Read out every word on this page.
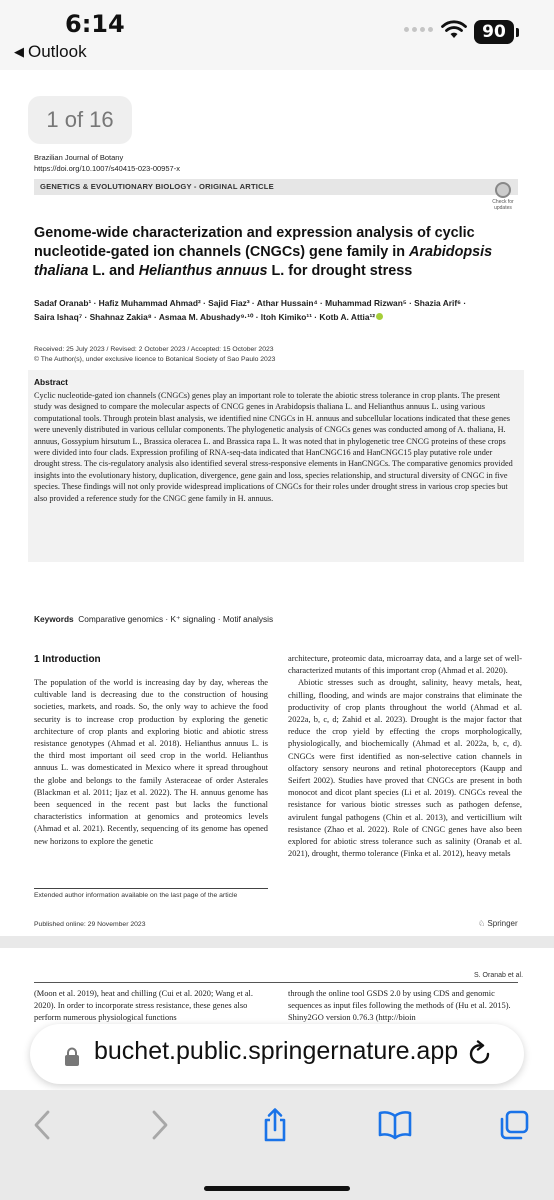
6:14
◀ Outlook
90
1 of 16
Brazilian Journal of Botany
https://doi.org/10.1007/s40415-023-00957-x
GENETICS & EVOLUTIONARY BIOLOGY - ORIGINAL ARTICLE
Check for updates
Genome-wide characterization and expression analysis of cyclic nucleotide-gated ion channels (CNGCs) gene family in Arabidopsis thaliana L. and Helianthus annuus L. for drought stress
Sadaf Oranab¹ · Hafiz Muhammad Ahmad² · Sajid Fiaz³ · Athar Hussain⁴ · Muhammad Rizwan⁵ · Shazia Arif⁶ ·
Saira Ishaq⁷ · Shahnaz Zakia⁸ · Asmaa M. Abushady⁹·¹⁰ · Itoh Kimiko¹¹ · Kotb A. Attia¹²
Received: 25 July 2023 / Revised: 2 October 2023 / Accepted: 15 October 2023
© The Author(s), under exclusive licence to Botanical Society of Sao Paulo 2023
Abstract

Cyclic nucleotide-gated ion channels (CNGCs) genes play an important role to tolerate the abiotic stress tolerance in crop plants. The present study was designed to compare the molecular aspects of CNCG genes in Arabidopsis thaliana L. and Helianthus annuus L. using various computational tools. Through protein blast analysis, we identified nine CNGCs in H. annuus and subcellular locations indicated that these genes were unevenly distributed in various cellular components. The phylogenetic analysis of CNGCs genes was conducted among of A. thaliana, H. annuus, Gossypium hirsutum L., Brassica oleracea L. and Brassica rapa L. It was noted that in phylogenetic tree CNCG proteins of these crops were divided into four clads. Expression profiling of RNA-seq-data indicated that HanCNGC16 and HanCNGC15 play putative role under drought stress. The cis-regulatory analysis also identified several stress-responsive elements in HanCNGCs. The comparative genomics provided insights into the evolutionary history, duplication, divergence, gene gain and loss, species relationship, and structural diversity of CNGC in five species. These findings will not only provide widespread implications of CNGCs for their roles under drought stress in various crop species but also provided a reference study for the CNGC gene family in H. annuus.

Keywords Comparative genomics · K⁺ signaling · Motif analysis
1 Introduction
The population of the world is increasing day by day, whereas the cultivable land is decreasing due to the construction of housing societies, markets, and roads. So, the only way to achieve the food security is to increase crop production by exploring the genetic architecture of crop plants and exploring biotic and abiotic stress resistance genotypes (Ahmad et al. 2018). Helianthus annuus L. is the third most important oil seed crop in the world. Helianthus annuus L. was domesticated in Mexico where it spread throughout the globe and belongs to the family Asteraceae of order Asterales (Blackman et al. 2011; Ijaz et al. 2022). The H. annuus genome has been sequenced in the recent past but lacks the functional characteristics information at genomics and proteomics levels (Ahmad et al. 2021). Recently, sequencing of its genome has opened new horizons to explore the genetic

architecture, proteomic data, microarray data, and a large set of well-characterized mutants of this important crop (Ahmad et al. 2020).

Abiotic stresses such as drought, salinity, heavy metals, heat, chilling, flooding, and winds are major constrains that eliminate the productivity of crop plants throughout the world (Ahmad et al. 2022a, b, c, d; Zahid et al. 2023). Drought is the major factor that reduce the crop yield by effecting the crops morphologically, physiologically, and biochemically (Ahmad et al. 2022a, b, c, d). CNGCs were first identified as non-selective cation channels in olfactory sensory neurons and retinal photoreceptors (Kaupp and Seifert 2002). Studies have proved that CNGCs are present in both monocot and dicot plant species (Li et al. 2019). CNGCs reveal the resistance for various biotic stresses such as pathogen defense, avirulent fungal pathogens (Chin et al. 2013), and verticillium wilt resistance (Zhao et al. 2022). Role of CNGC genes have also been explored for abiotic stress tolerance such as salinity (Oranab et al. 2021), drought, thermo tolerance (Finka et al. 2012), heavy metals

Extended author information available on the last page of the article
Published online: 29 November 2023	♘ Springer
S. Oranab et al.
(Moon et al. 2019), heat and chilling (Cui et al. 2020; Wang et al. 2020). In order to incorporate stress resistance, these genes also perform numerous physiological functions
through the online tool GSDS 2.0 by using CDS and genomic sequences as input files following the methods of (Hu et al. 2015). Shiny2GO version 0.76.3 (http://bioin
buchet.public.springernature.app
